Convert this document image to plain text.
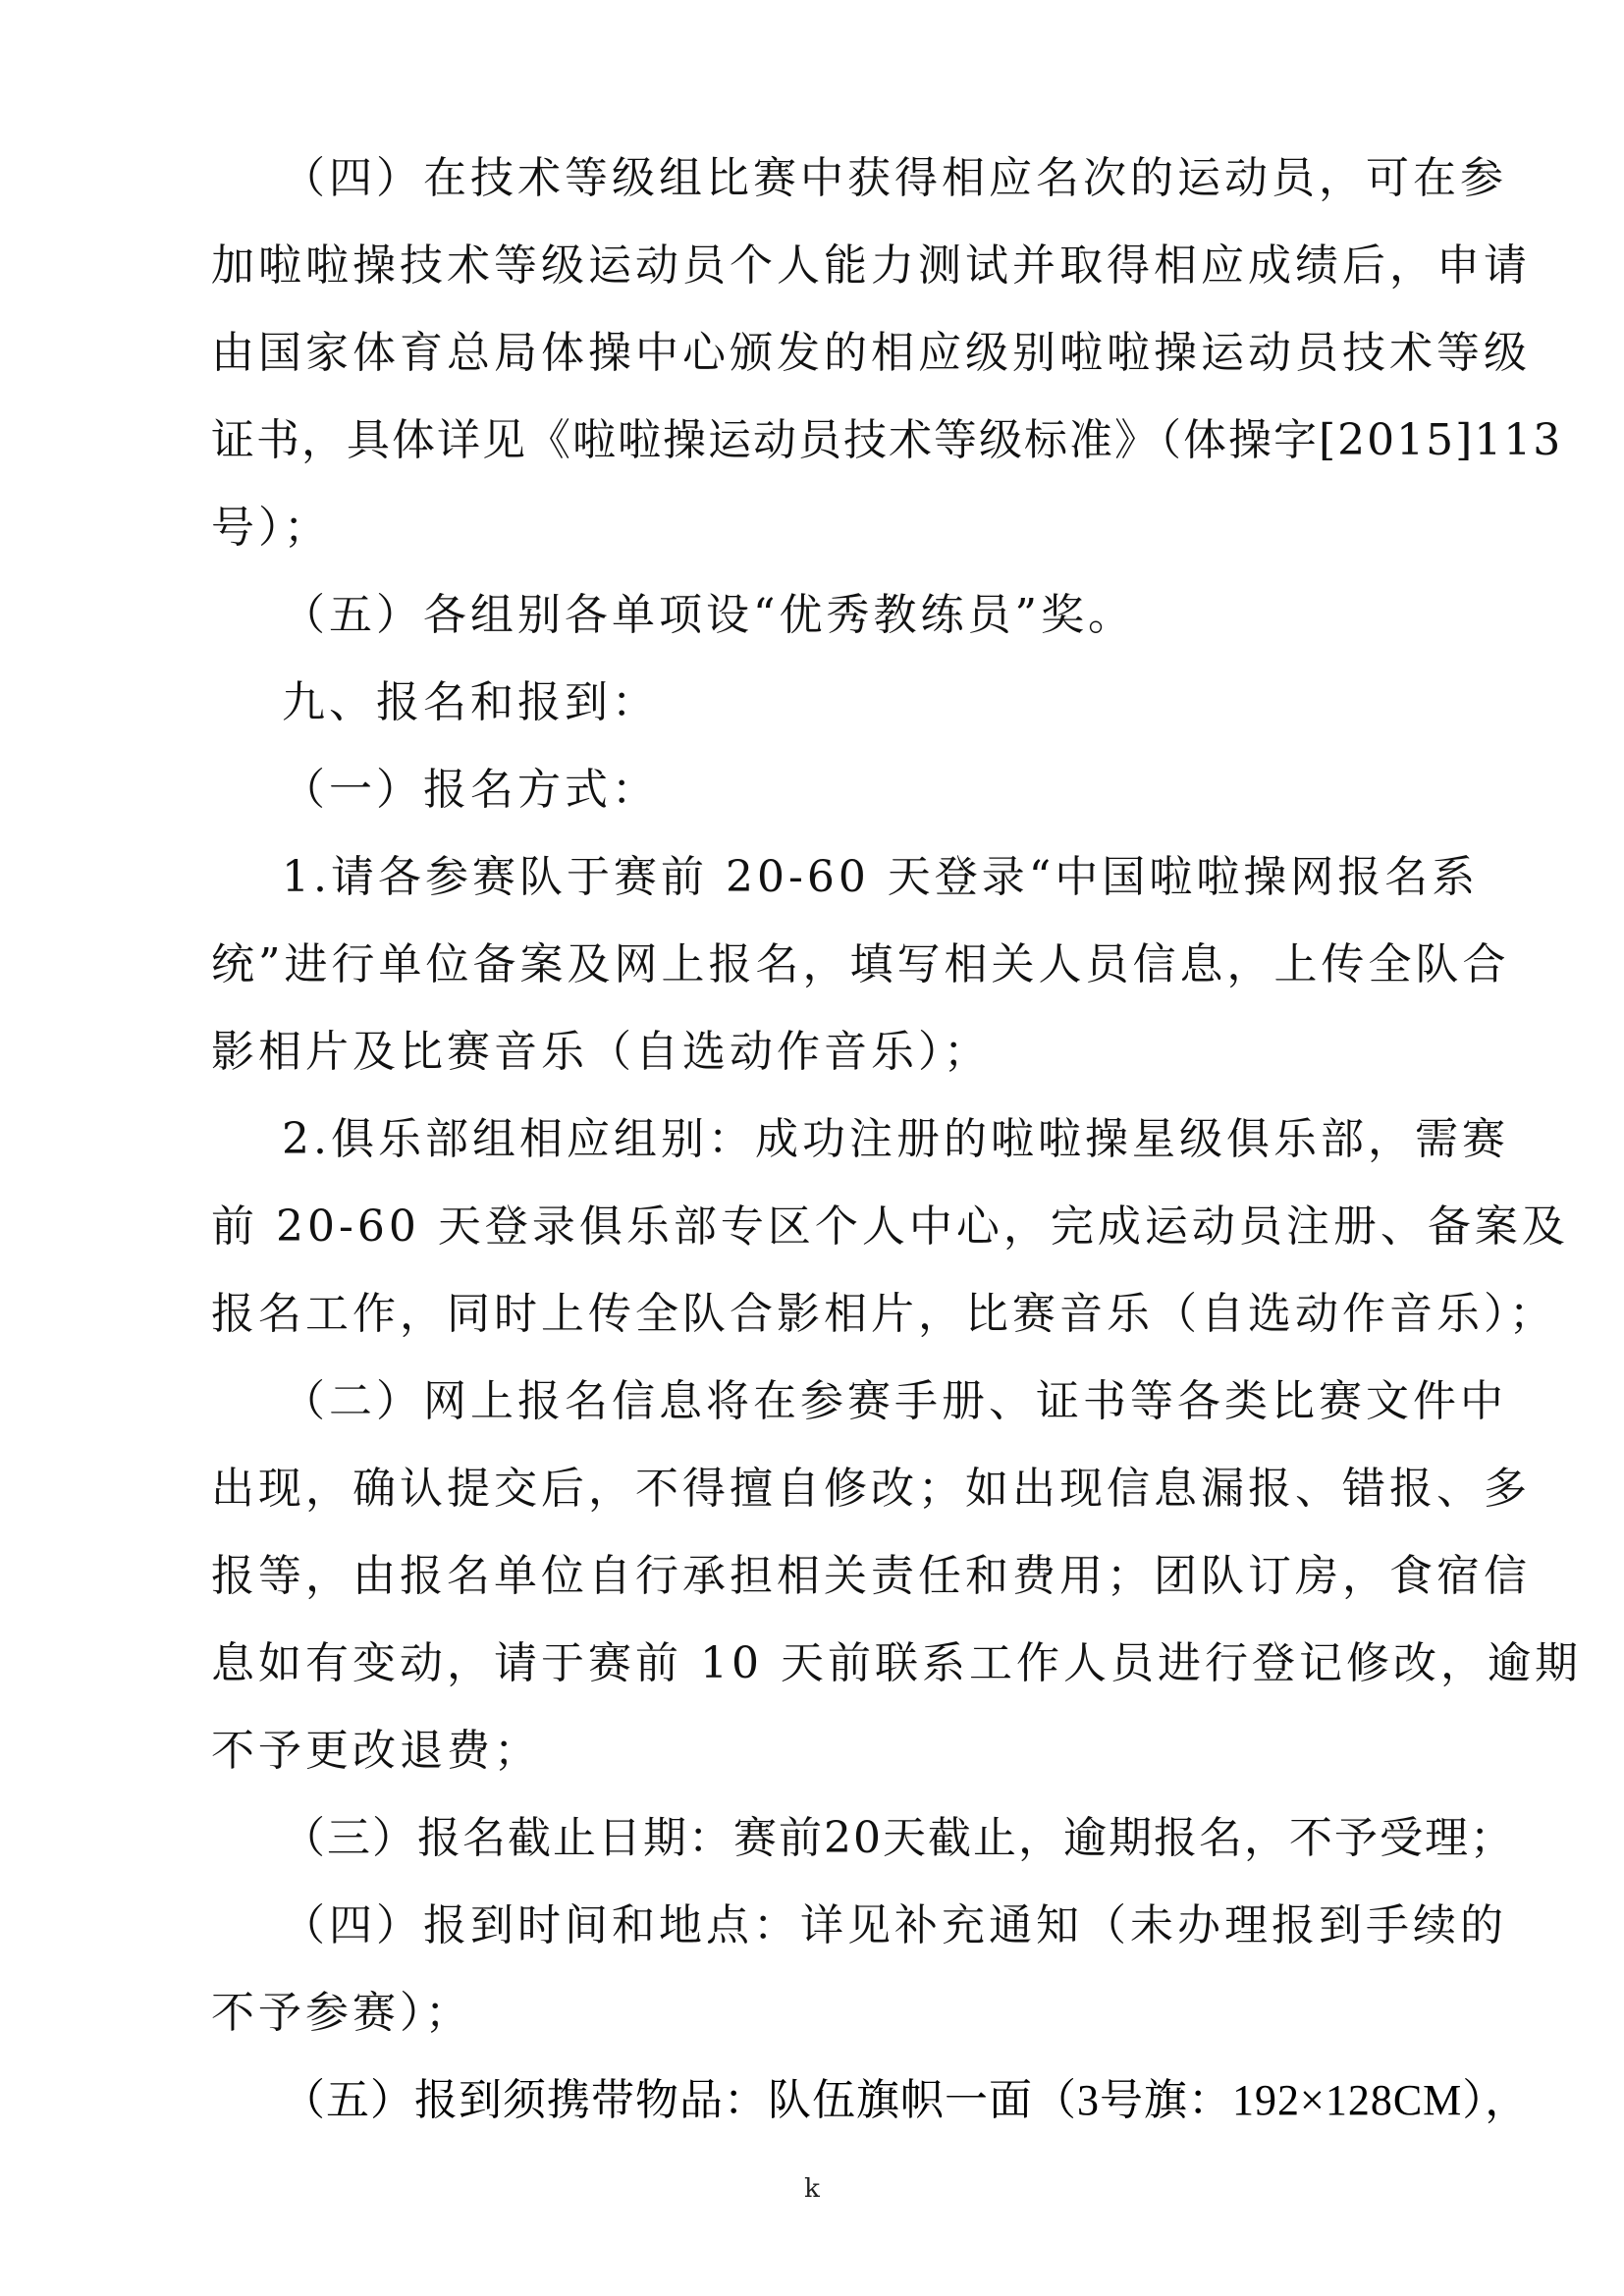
（四）在技术等级组比赛中获得相应名次的运动员，可在参
加啦啦操技术等级运动员个人能力测试并取得相应成绩后，申请
由国家体育总局体操中心颁发的相应级别啦啦操运动员技术等级
证书，具体详见《啦啦操运动员技术等级标准》（体操字[2015]113
号）；
（五）各组别各单项设“优秀教练员”奖。
九、报名和报到：
（一）报名方式：
1.请各参赛队于赛前 20-60 天登录“中国啦啦操网报名系
统”进行单位备案及网上报名，填写相关人员信息，上传全队合
影相片及比赛音乐（自选动作音乐）；
2.俱乐部组相应组别：成功注册的啦啦操星级俱乐部，需赛
前 20-60 天登录俱乐部专区个人中心，完成运动员注册、备案及
报名工作，同时上传全队合影相片，比赛音乐（自选动作音乐）；
（二）网上报名信息将在参赛手册、证书等各类比赛文件中
出现，确认提交后，不得擅自修改；如出现信息漏报、错报、多
报等，由报名单位自行承担相关责任和费用；团队订房，食宿信
息如有变动，请于赛前 10 天前联系工作人员进行登记修改，逾期
不予更改退费；
（三）报名截止日期：赛前20天截止，逾期报名，不予受理；
（四）报到时间和地点：详见补充通知（未办理报到手续的
不予参赛）；
（五）报到须携带物品：队伍旗帜一面（3号旗：192×128CM），
k
